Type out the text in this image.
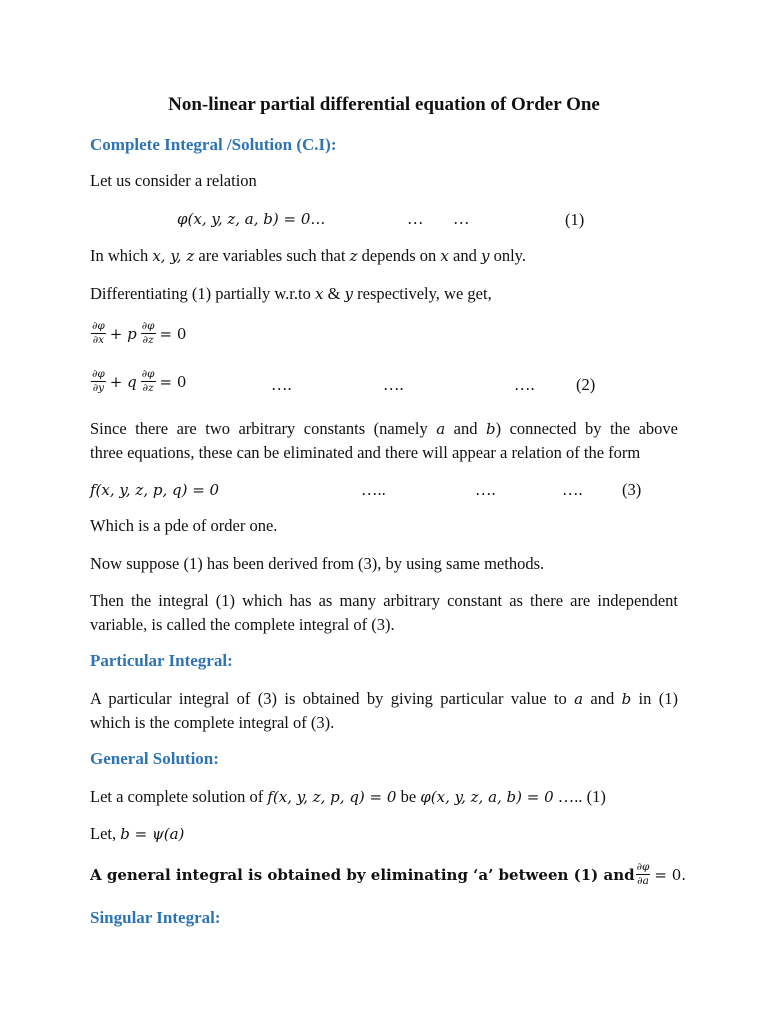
Non-linear partial differential equation of Order One
Complete Integral /Solution (C.I):
Let us consider a relation
φ(x, y, z, a, b) = 0…	… …	(1)
In which x, y, z are variables such that z depends on x and y only.
Differentiating (1) partially w.r.to x & y respectively, we get,
$\frac{\partial\varphi}{\partial x} + p \frac{\partial\varphi}{\partial z} = 0$
$\frac{\partial\varphi}{\partial y} + q \frac{\partial\varphi}{\partial z} = 0$	….	….	….	(2)
Since there are two arbitrary constants (namely a and b) connected by the above
three equations, these can be eliminated and there will appear a relation of the form
f(x, y, z, p, q) = 0	…..	….	…. (3)
Which is a pde of order one.
Now suppose (1) has been derived from (3), by using same methods.
Then the integral (1) which has as many arbitrary constant as there are independent
variable, is called the complete integral of (3).
Particular Integral:
A particular integral of (3) is obtained by giving particular value to a and b in (1)
which is the complete integral of (3).
General Solution:
Let a complete solution of f(x, y, z, p, q) = 0 be φ(x, y, z, a, b) = 0 ….. (1)
Let, b = ψ(a)
A general integral is obtained by eliminating ‘a’ between (1) and $\frac{\partial\varphi}{\partial a} = 0$.
Singular Integral:
